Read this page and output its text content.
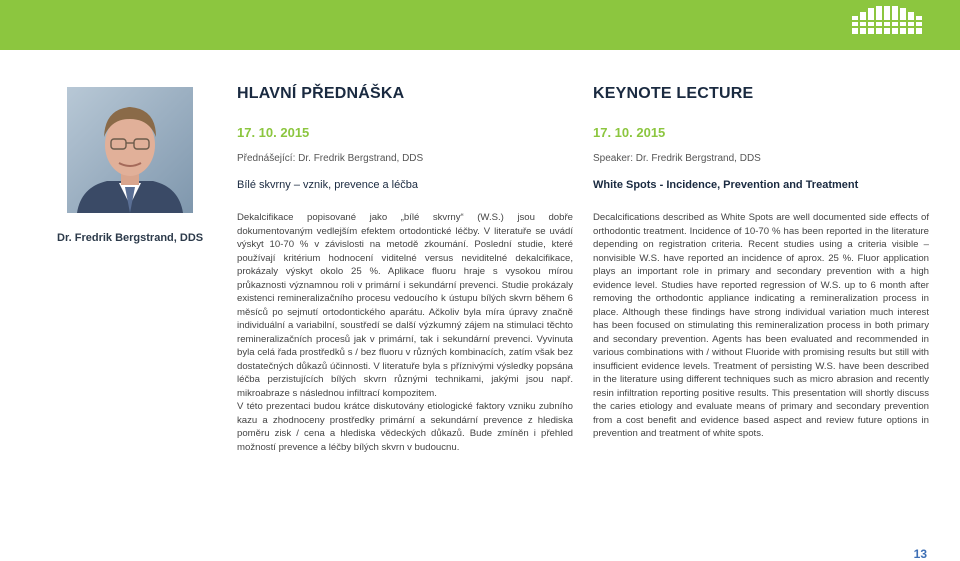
Dr. Fredrik Bergstrand, DDS
HLAVNÍ PŘEDNÁŠKA
17. 10. 2015
Přednášející: Dr. Fredrik Bergstrand, DDS
Bílé skvrny – vznik, prevence a léčba

Dekalcifikace popisované jako „bílé skvrny“ (W.S.) jsou dobře dokumentovaným vedlejším efektem ortodontické léčby. V literatuře se uvádí výskyt 10-70 % v závislosti na metodě zkoumání. Poslední studie, které používají kritérium hodnocení viditelné versus neviditelné dekalcifikace, prokázaly výskyt okolo 25 %. Aplikace fluoru hraje s vysokou mírou průkaznosti významnou roli v primární i sekundární prevenci. Studie prokázaly existenci remineralizačního procesu vedoucího k ústupu bílých skvrn během 6 měsíců po sejmutí ortodontického aparátu. Ačkoliv byla míra úpravy značně individuální a variabilní, soustředí se další výzkumný zájem na stimulaci těchto remineralizačních procesů jak v primární, tak i sekundární prevenci. Vyvinuta byla celá řada prostředků s / bez fluoru v různých kombinacích, zatím však bez dostatečných důkazů účinnosti. V literatuře byla s příznivými výsledky popsána léčba perzistujících bílých skvrn různými technikami, jakými jsou např. mikroabraze s následnou infiltrací kompozitem.

V této prezentaci budou krátce diskutovány etiologické faktory vzniku zubního kazu a zhodnoceny prostředky primární a sekundární prevence z hlediska poměru zisk / cena a hlediska vědeckých důkazů. Bude zmíněn i přehled možností prevence a léčby bílých skvrn v budoucnu.

KEYNOTE LECTURE
17. 10. 2015
Speaker: Dr. Fredrik Bergstrand, DDS
White Spots - Incidence, Prevention and Treatment

Decalcifications described as White Spots are well documented side effects of orthodontic treatment. Incidence of 10-70 % has been reported in the literature depending on registration criteria. Recent studies using a criteria visible – nonvisible W.S. have reported an incidence of aprox. 25 %. Fluor application plays an important role in primary and secondary prevention with a high evidence level. Studies have reported regression of W.S. up to 6 month after removing the orthodontic appliance indicating a remineralization process in place. Although these findings have strong individual variation much interest has been focused on stimulating this remineralization process in both primary and secondary prevention. Agents has been evaluated and recommended in various combinations with / without Fluoride with promising results but still with insufficient evidence levels. Treatment of persisting W.S. have been described in the literature using different techniques such as micro abrasion and recently resin infiltration reporting positive results. This presentation will shortly discuss the caries etiology and evaluate means of primary and secondary prevention from a cost benefit and evidence based aspect and review future options in prevention and treatment of white spots.

13
